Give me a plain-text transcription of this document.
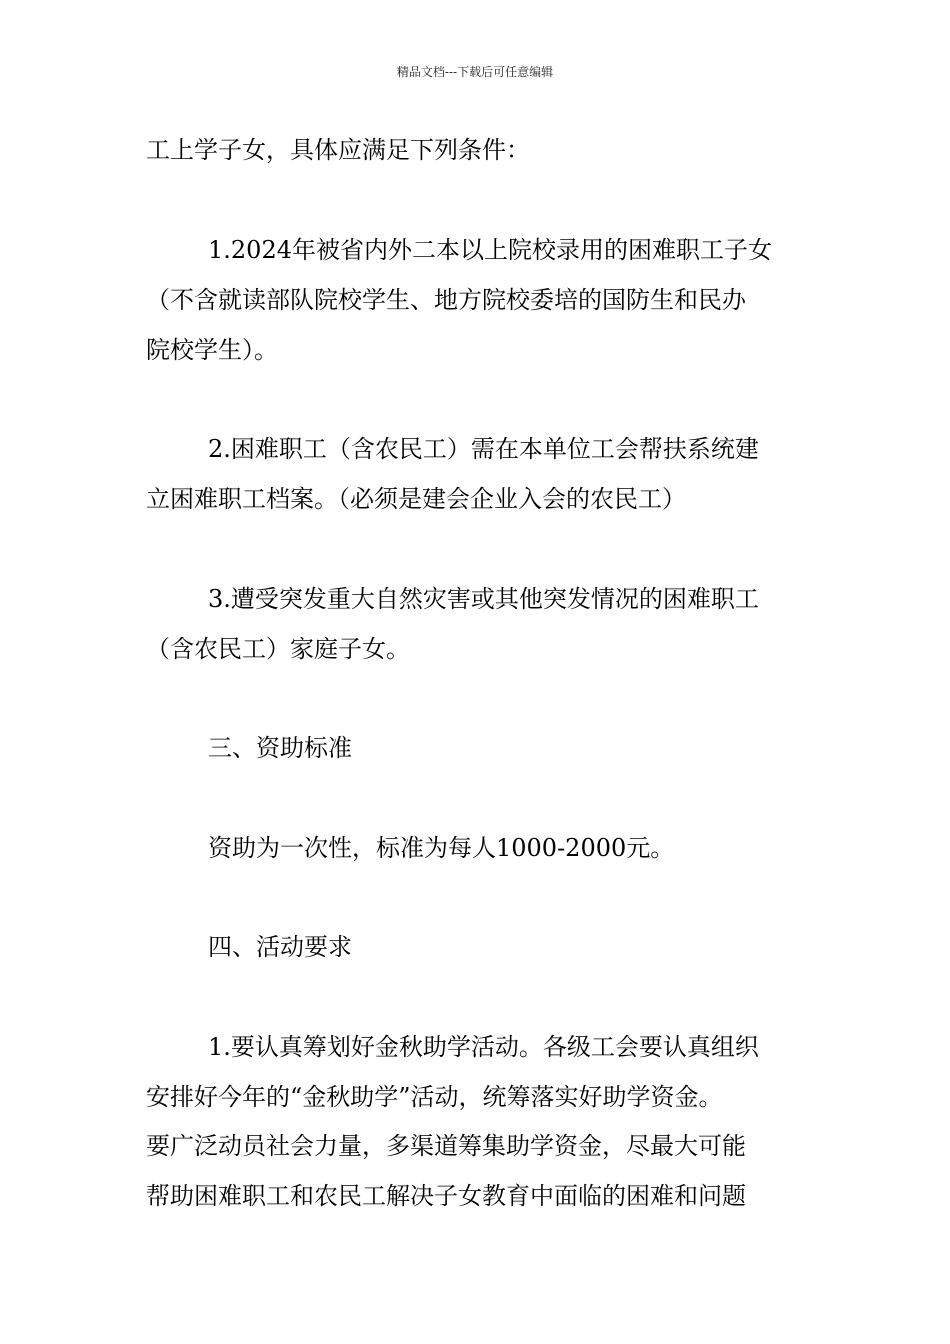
精品文档---下载后可任意编辑
工上学子女，具体应满足下列条件：
1.2024年被省内外二本以上院校录用的困难职工子女
（不含就读部队院校学生、地方院校委培的国防生和民办
院校学生）。
2.困难职工（含农民工）需在本单位工会帮扶系统建
立困难职工档案。（必须是建会企业入会的农民工）
3.遭受突发重大自然灾害或其他突发情况的困难职工
（含农民工）家庭子女。
三、资助标准
资助为一次性，标准为每人1000-2000元。
四、活动要求
1.要认真筹划好金秋助学活动。各级工会要认真组织
安排好今年的“金秋助学”活动，统筹落实好助学资金。
要广泛动员社会力量，多渠道筹集助学资金，尽最大可能
帮助困难职工和农民工解决子女教育中面临的困难和问题
